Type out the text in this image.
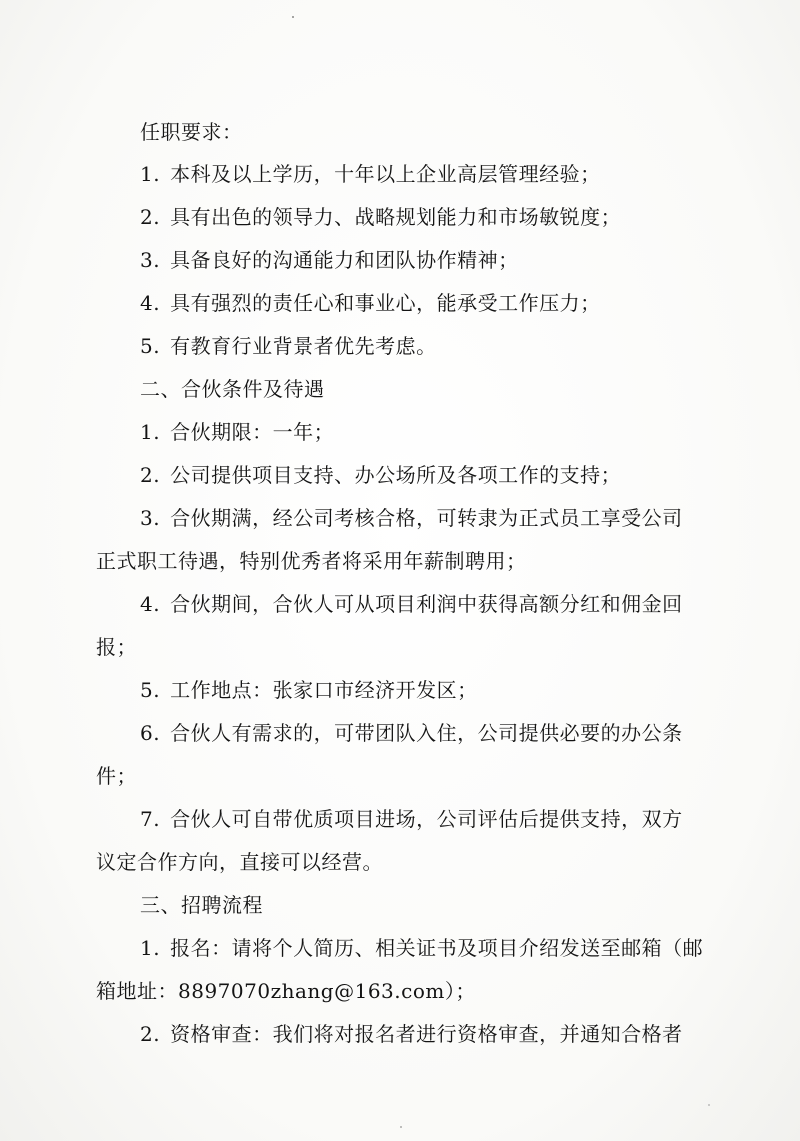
任职要求：
1. 本科及以上学历，十年以上企业高层管理经验；
2. 具有出色的领导力、战略规划能力和市场敏锐度；
3. 具备良好的沟通能力和团队协作精神；
4. 具有强烈的责任心和事业心，能承受工作压力；
5. 有教育行业背景者优先考虑。
二、合伙条件及待遇
1. 合伙期限：一年；
2. 公司提供项目支持、办公场所及各项工作的支持；
3. 合伙期满，经公司考核合格，可转隶为正式员工享受公司
正式职工待遇，特别优秀者将采用年薪制聘用；
4. 合伙期间，合伙人可从项目利润中获得高额分红和佣金回
报；
5. 工作地点：张家口市经济开发区；
6. 合伙人有需求的，可带团队入住，公司提供必要的办公条
件；
7. 合伙人可自带优质项目进场，公司评估后提供支持，双方
议定合作方向，直接可以经营。
三、招聘流程
1. 报名：请将个人简历、相关证书及项目介绍发送至邮箱（邮
箱地址：8897070zhang@163.com）；
2. 资格审查：我们将对报名者进行资格审查，并通知合格者
